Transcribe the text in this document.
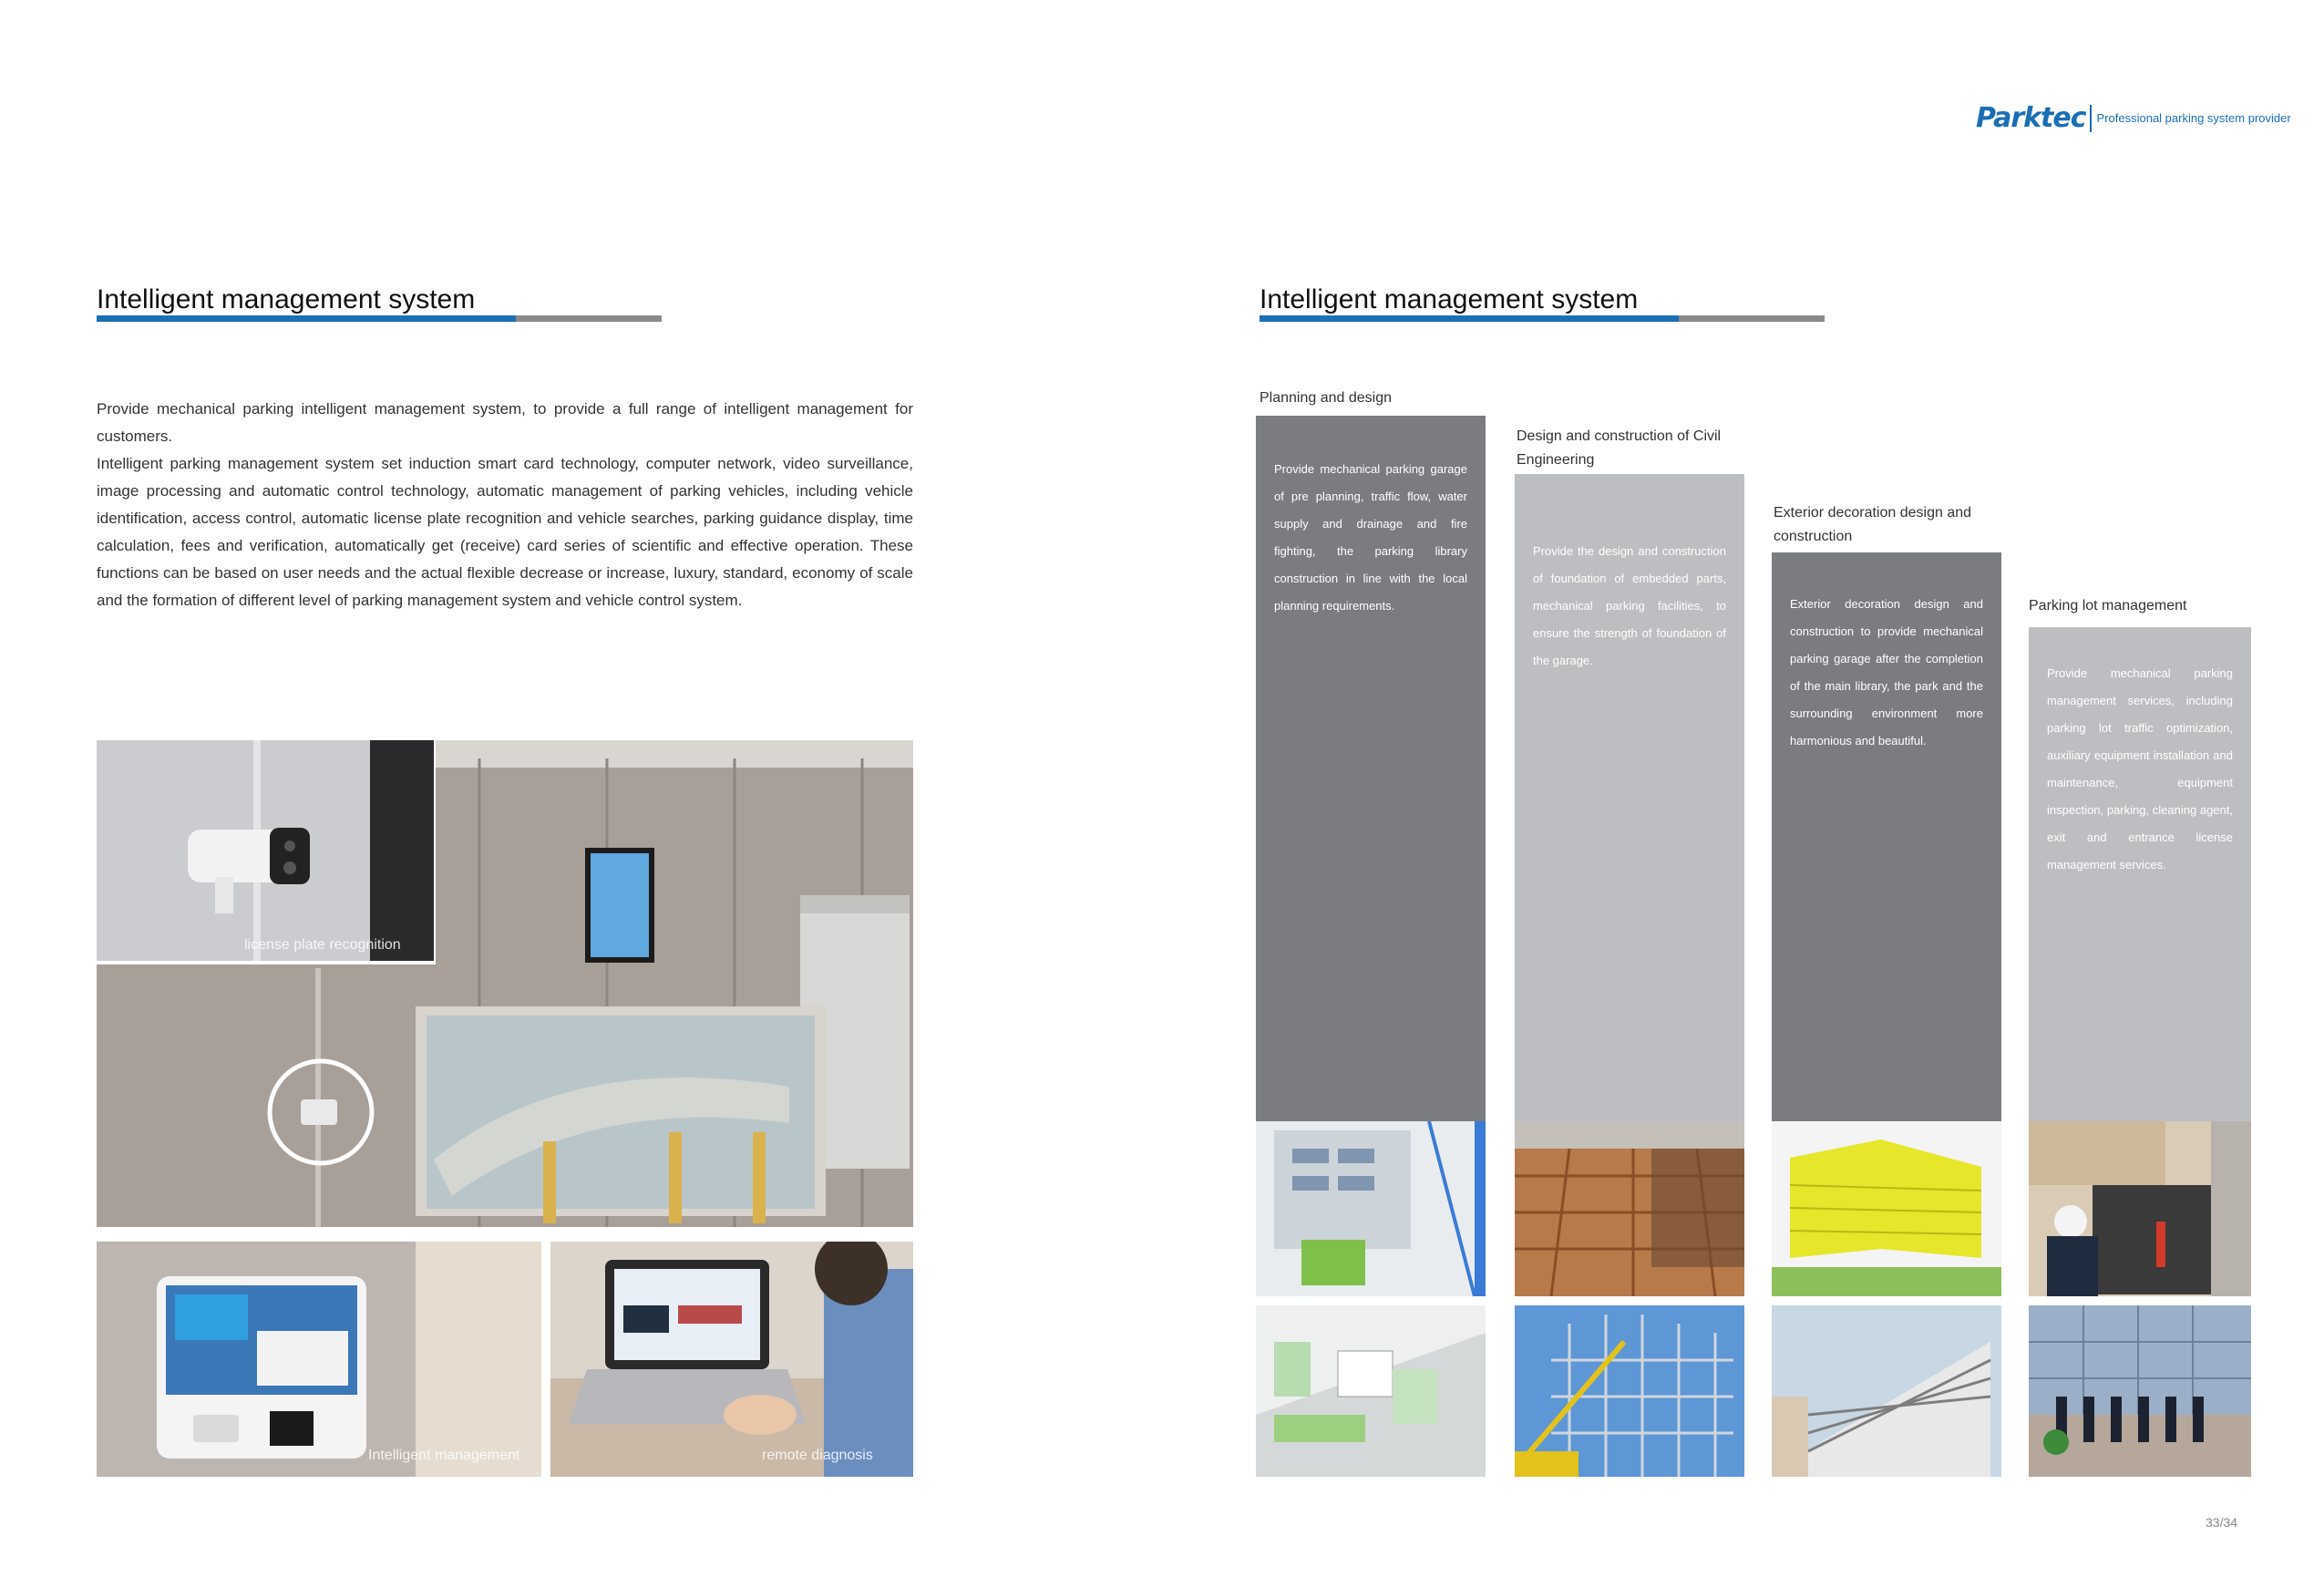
Parktec Professional parking system provider
Intelligent management system

Provide mechanical parking intelligent management system, to provide a full range of intelligent management for customers.

Intelligent parking management system set induction smart card technology, computer network, video surveillance, image processing and automatic control technology, automatic management of parking vehicles, including vehicle identification, access control, automatic license plate recognition and vehicle searches, parking guidance display, time calculation, fees and verification, automatically get (receive) card series of scientific and effective operation. These functions can be based on user needs and the actual flexible decrease or increase, luxury, standard, economy of scale and the formation of different level of parking management system and vehicle control system.

license plate recognition
Intelligent management	remote diagnosis
Intelligent management system
Planning and design

Provide mechanical parking garage of pre planning, traffic flow, water supply and drainage and fire fighting, the parking library construction in line with the local planning requirements.

Design and construction of Civil Engineering

Provide the design and construction of foundation of embedded parts, mechanical parking facilities, to ensure the strength of foundation of the garage.

Exterior decoration design and construction

Exterior decoration design and construction to provide mechanical parking garage after the completion of the main library, the park and the surrounding environment more harmonious and beautiful.

Parking lot management

Provide mechanical parking management services, including parking lot traffic optimization, auxiliary equipment installation and maintenance, equipment inspection, parking, cleaning agent, exit and entrance license management services.

33/34
